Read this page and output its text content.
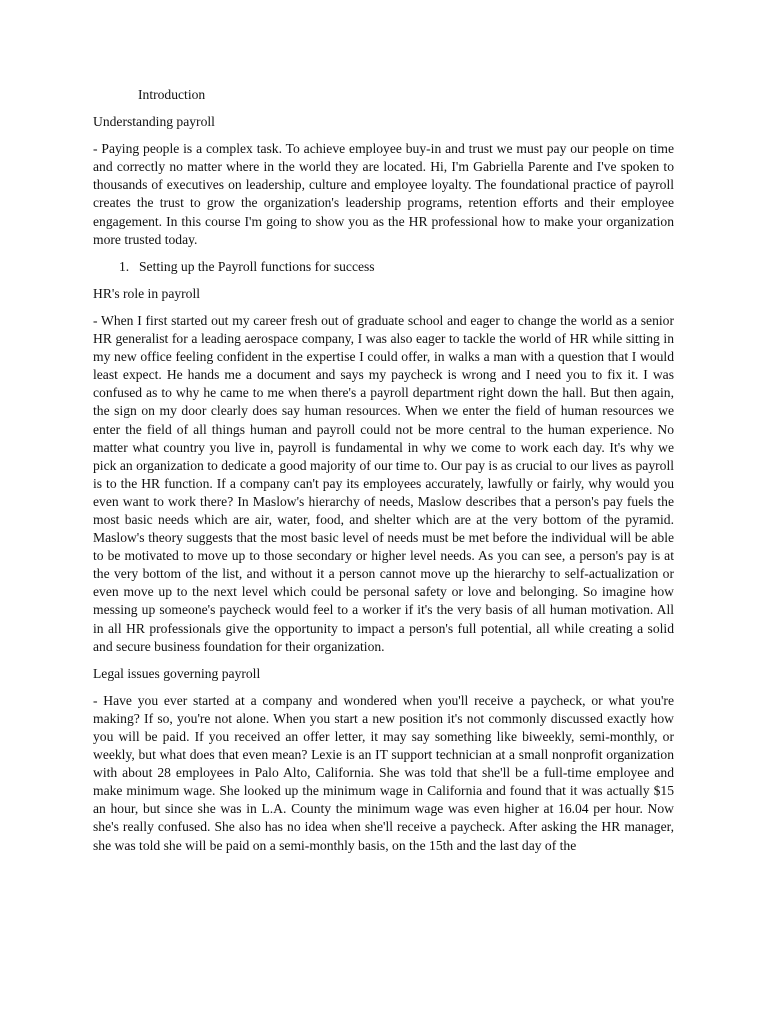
Introduction

Understanding payroll

- Paying people is a complex task. To achieve employee buy-in and trust we must pay our people on time and correctly no matter where in the world they are located. Hi, I'm Gabriella Parente and I've spoken to thousands of executives on leadership, culture and employee loyalty. The foundational practice of payroll creates the trust to grow the organization's leadership programs, retention efforts and their employee engagement. In this course I'm going to show you as the HR professional how to make your organization more trusted today.

1. Setting up the Payroll functions for success

HR's role in payroll

- When I first started out my career fresh out of graduate school and eager to change the world as a senior HR generalist for a leading aerospace company, I was also eager to tackle the world of HR while sitting in my new office feeling confident in the expertise I could offer, in walks a man with a question that I would least expect. He hands me a document and says my paycheck is wrong and I need you to fix it. I was confused as to why he came to me when there's a payroll department right down the hall. But then again, the sign on my door clearly does say human resources. When we enter the field of human resources we enter the field of all things human and payroll could not be more central to the human experience. No matter what country you live in, payroll is fundamental in why we come to work each day. It's why we pick an organization to dedicate a good majority of our time to. Our pay is as crucial to our lives as payroll is to the HR function. If a company can't pay its employees accurately, lawfully or fairly, why would you even want to work there? In Maslow's hierarchy of needs, Maslow describes that a person's pay fuels the most basic needs which are air, water, food, and shelter which are at the very bottom of the pyramid. Maslow's theory suggests that the most basic level of needs must be met before the individual will be able to be motivated to move up to those secondary or higher level needs. As you can see, a person's pay is at the very bottom of the list, and without it a person cannot move up the hierarchy to self-actualization or even move up to the next level which could be personal safety or love and belonging. So imagine how messing up someone's paycheck would feel to a worker if it's the very basis of all human motivation. All in all HR professionals give the opportunity to impact a person's full potential, all while creating a solid and secure business foundation for their organization.

Legal issues governing payroll

- Have you ever started at a company and wondered when you'll receive a paycheck, or what you're making? If so, you're not alone. When you start a new position it's not commonly discussed exactly how you will be paid. If you received an offer letter, it may say something like biweekly, semi-monthly, or weekly, but what does that even mean? Lexie is an IT support technician at a small nonprofit organization with about 28 employees in Palo Alto, California. She was told that she'll be a full-time employee and make minimum wage. She looked up the minimum wage in California and found that it was actually $15 an hour, but since she was in L.A. County the minimum wage was even higher at 16.04 per hour. Now she's really confused. She also has no idea when she'll receive a paycheck. After asking the HR manager, she was told she will be paid on a semi-monthly basis, on the 15th and the last day of the
